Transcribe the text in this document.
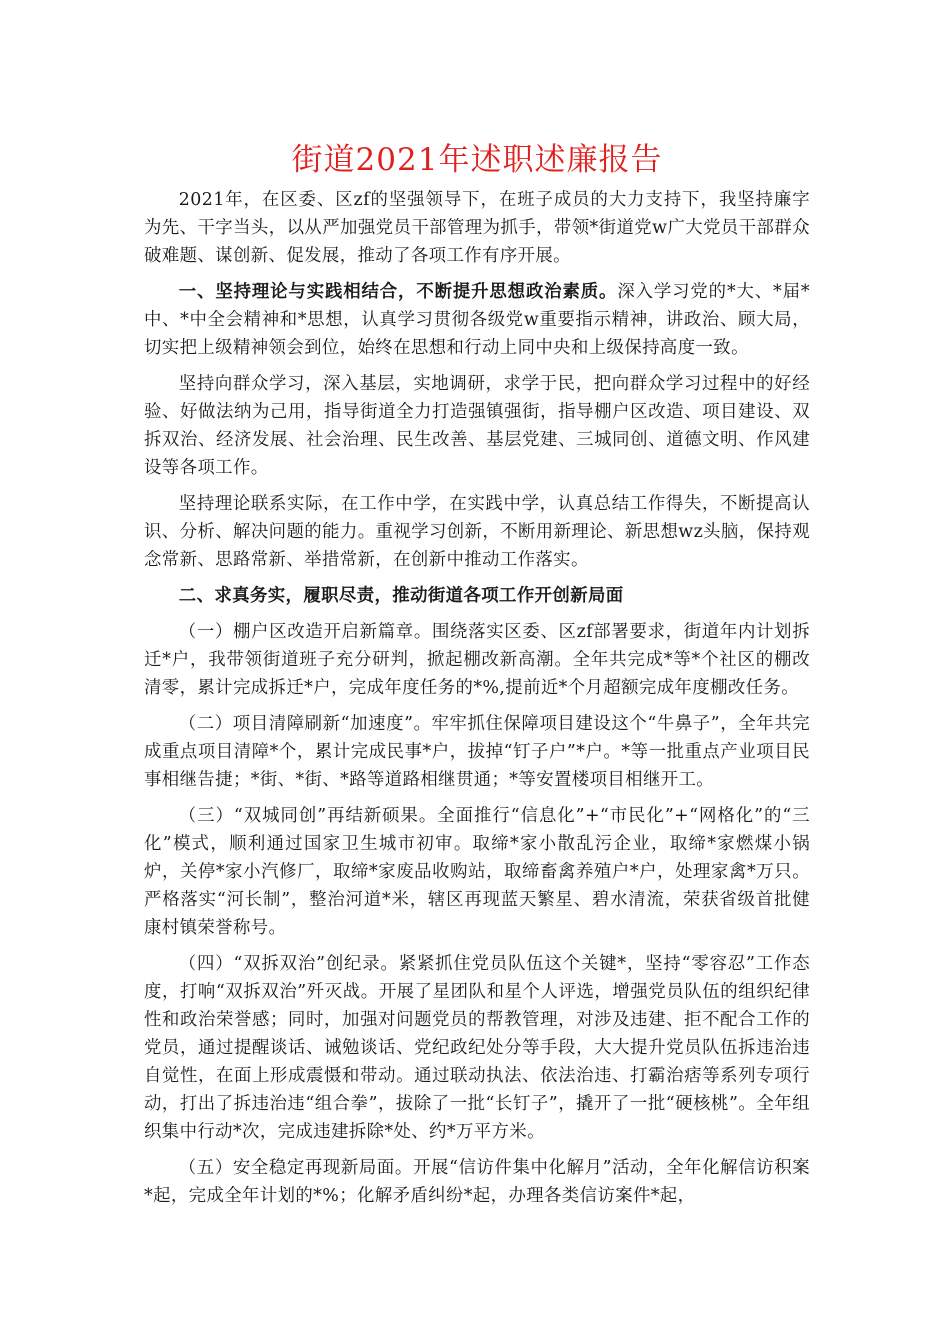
街道2021年述职述廉报告

2021年，在区委、区zf的坚强领导下，在班子成员的大力支持下，我坚持廉字为先、干字当头，以从严加强党员干部管理为抓手，带领*街道党w广大党员干部群众破难题、谋创新、促发展，推动了各项工作有序开展。

一、坚持理论与实践相结合，不断提升思想政治素质。深入学习党的*大、*届*中、*中全会精神和*思想，认真学习贯彻各级党w重要指示精神，讲政治、顾大局，切实把上级精神领会到位，始终在思想和行动上同中央和上级保持高度一致。

坚持向群众学习，深入基层，实地调研，求学于民，把向群众学习过程中的好经验、好做法纳为己用，指导街道全力打造强镇强街，指导棚户区改造、项目建设、双拆双治、经济发展、社会治理、民生改善、基层党建、三城同创、道德文明、作风建设等各项工作。

坚持理论联系实际，在工作中学，在实践中学，认真总结工作得失，不断提高认识、分析、解决问题的能力。重视学习创新，不断用新理论、新思想wz头脑，保持观念常新、思路常新、举措常新，在创新中推动工作落实。

二、求真务实，履职尽责，推动街道各项工作开创新局面

（一）棚户区改造开启新篇章。围绕落实区委、区zf部署要求，街道年内计划拆迁*户，我带领街道班子充分研判，掀起棚改新高潮。全年共完成*等*个社区的棚改清零，累计完成拆迁*户，完成年度任务的*%,提前近*个月超额完成年度棚改任务。

（二）项目清障刷新“加速度”。牢牢抓住保障项目建设这个“牛鼻子”，全年共完成重点项目清障*个，累计完成民事*户，拔掉“钉子户”*户。*等一批重点产业项目民事相继告捷；*街、*街、*路等道路相继贯通；*等安置楼项目相继开工。

（三）“双城同创”再结新硕果。全面推行“信息化”+“市民化”+“网格化”的“三化”模式，顺利通过国家卫生城市初审。取缔*家小散乱污企业，取缔*家燃煤小锅炉，关停*家小汽修厂，取缔*家废品收购站，取缔畜禽养殖户*户，处理家禽*万只。严格落实“河长制”，整治河道*米，辖区再现蓝天繁星、碧水清流，荣获省级首批健康村镇荣誉称号。

（四）“双拆双治”创纪录。紧紧抓住党员队伍这个关键*，坚持“零容忍”工作态度，打响“双拆双治”歼灭战。开展了星团队和星个人评选，增强党员队伍的组织纪律性和政治荣誉感；同时，加强对问题党员的帮教管理，对涉及违建、拒不配合工作的党员，通过提醒谈话、诫勉谈话、党纪政纪处分等手段，大大提升党员队伍拆违治违自觉性，在面上形成震慑和带动。通过联动执法、依法治违、打霸治痞等系列专项行动，打出了拆违治违“组合拳”，拔除了一批“长钉子”，撬开了一批“硬核桃”。全年组织集中行动*次，完成违建拆除*处、约*万平方米。

（五）安全稳定再现新局面。开展“信访件集中化解月”活动，全年化解信访积案*起，完成全年计划的*%；化解矛盾纠纷*起，办理各类信访案件*起，
